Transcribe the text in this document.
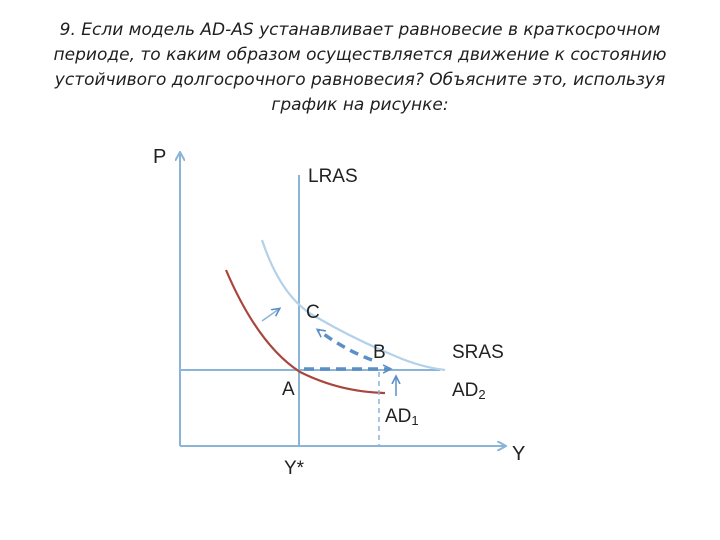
9. Если модель AD-AS устанавливает равновесие в краткосрочном
периоде, то каким образом осуществляется движение к состоянию
устойчивого долгосрочного равновесия? Объясните это, используя
график на рисунке:
P
Y
LRAS
SRAS
C
B
A	AD2
AD1
Y*
